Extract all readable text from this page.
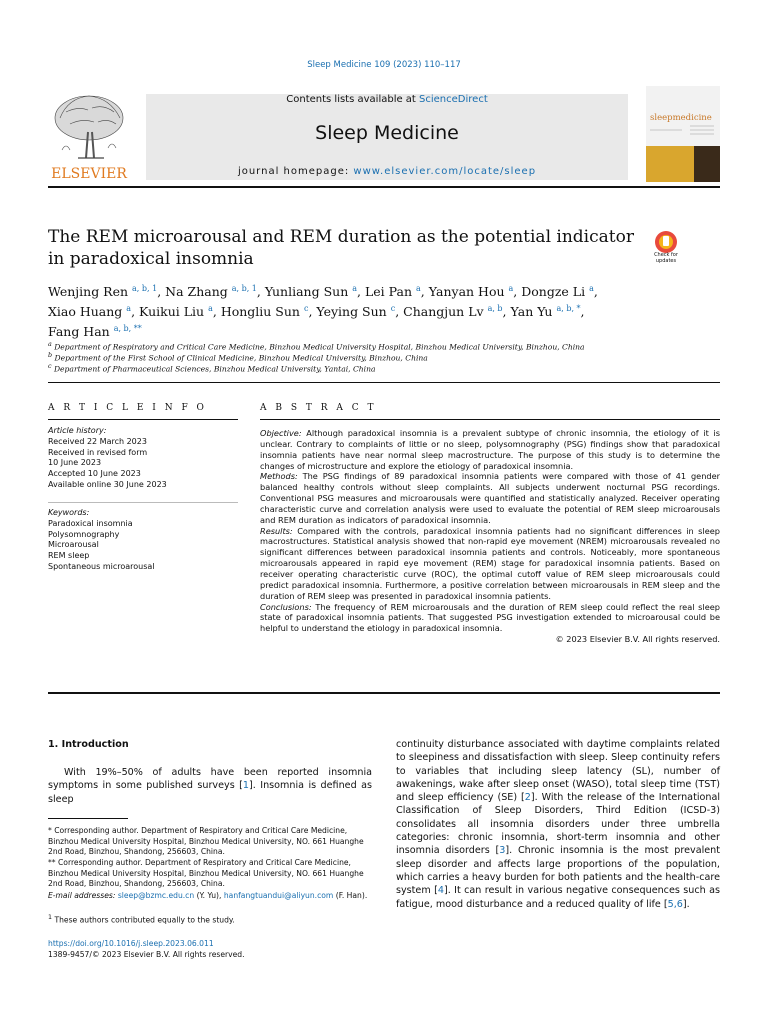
Sleep Medicine 109 (2023) 110–117
ELSEVIER
Contents lists available at ScienceDirect
Sleep Medicine
journal homepage: www.elsevier.com/locate/sleep
sleepmedicine
The REM microarousal and REM duration as the potential indicator in paradoxical insomnia	Check for updates
Wenjing Ren $^{a, b, 1}$, Na Zhang $^{a, b, 1}$, Yunliang Sun $^a$, Lei Pan $^a$, Yanyan Hou $^a$, Dongze Li $^a$,
Xiao Huang $^a$, Kuikui Liu $^a$, Hongliu Sun $^c$, Yeying Sun $^c$, Changjun Lv $^{a, b}$, Yan Yu $^{a, b, *}$,
Fang Han $^{a, b, **}$
$^a$ Department of Respiratory and Critical Care Medicine, Binzhou Medical University Hospital, Binzhou Medical University, Binzhou, China
$^b$ Department of the First School of Clinical Medicine, Binzhou Medical University, Binzhou, China
$^c$ Department of Pharmaceutical Sciences, Binzhou Medical University, Yantai, China
A R T I C L E I N F O
Article history:
Received 22 March 2023
Received in revised form
10 June 2023
Accepted 10 June 2023
Available online 30 June 2023
Keywords:
Paradoxical insomnia
Polysomnography
Microarousal
REM sleep
Spontaneous microarousal
A B S T R A C T

Objective: Although paradoxical insomnia is a prevalent subtype of chronic insomnia, the etiology of it is unclear. Contrary to complaints of little or no sleep, polysomnography (PSG) findings show that paradoxical insomnia patients have near normal sleep macrostructure. The purpose of this study is to determine the changes of microstructure and explore the etiology of paradoxical insomnia.

Methods: The PSG findings of 89 paradoxical insomnia patients were compared with those of 41 gender balanced healthy controls without sleep complaints. All subjects underwent nocturnal PSG recordings. Conventional PSG measures and microarousals were quantified and statistically analyzed. Receiver operating characteristic curve and correlation analysis were used to evaluate the potential of REM sleep microarousals and REM duration as indicators of paradoxical insomnia.

Results: Compared with the controls, paradoxical insomnia patients had no significant differences in sleep macrostructures. Statistical analysis showed that non-rapid eye movement (NREM) microarousals revealed no significant differences between paradoxical insomnia patients and controls. Noticeably, more spontaneous microarousals appeared in rapid eye movement (REM) stage for paradoxical insomnia patients. Based on receiver operating characteristic curve (ROC), the optimal cutoff value of REM sleep microarousals could predict paradoxical insomnia. Furthermore, a positive correlation between microarousals in REM sleep and the duration of REM sleep was presented in paradoxical insomnia patients.

Conclusions: The frequency of REM microarousals and the duration of REM sleep could reflect the real sleep state of paradoxical insomnia patients. That suggested PSG investigation extended to microarousal could be helpful to understand the etiology in paradoxical insomnia.

© 2023 Elsevier B.V. All rights reserved.

1. Introduction
With 19%–50% of adults have been reported insomnia symptoms in some published surveys [1]. Insomnia is defined as sleep
* Corresponding author. Department of Respiratory and Critical Care Medicine, Binzhou Medical University Hospital, Binzhou Medical University, NO. 661 Huanghe 2nd Road, Binzhou, Shandong, 256603, China.
** Corresponding author. Department of Respiratory and Critical Care Medicine, Binzhou Medical University Hospital, Binzhou Medical University, NO. 661 Huanghe 2nd Road, Binzhou, Shandong, 256603, China.
E-mail addresses: sleep@bzmc.edu.cn (Y. Yu), hanfangtuandui@aliyun.com (F. Han).
$^1$ These authors contributed equally to the study.
continuity disturbance associated with daytime complaints related to sleepiness and dissatisfaction with sleep. Sleep continuity refers to variables that including sleep latency (SL), number of awakenings, wake after sleep onset (WASO), total sleep time (TST) and sleep efficiency (SE) [2]. With the release of the International Classification of Sleep Disorders, Third Edition (ICSD-3) consolidates all insomnia disorders under three umbrella categories: chronic insomnia, short-term insomnia and other insomnia disorders [3]. Chronic insomnia is the most prevalent sleep disorder and affects large proportions of the population, which carries a heavy burden for both patients and the health-care system [4]. It can result in various negative consequences such as fatigue, mood disturbance and a reduced quality of life [5,6].
https://doi.org/10.1016/j.sleep.2023.06.011
1389-9457/© 2023 Elsevier B.V. All rights reserved.
